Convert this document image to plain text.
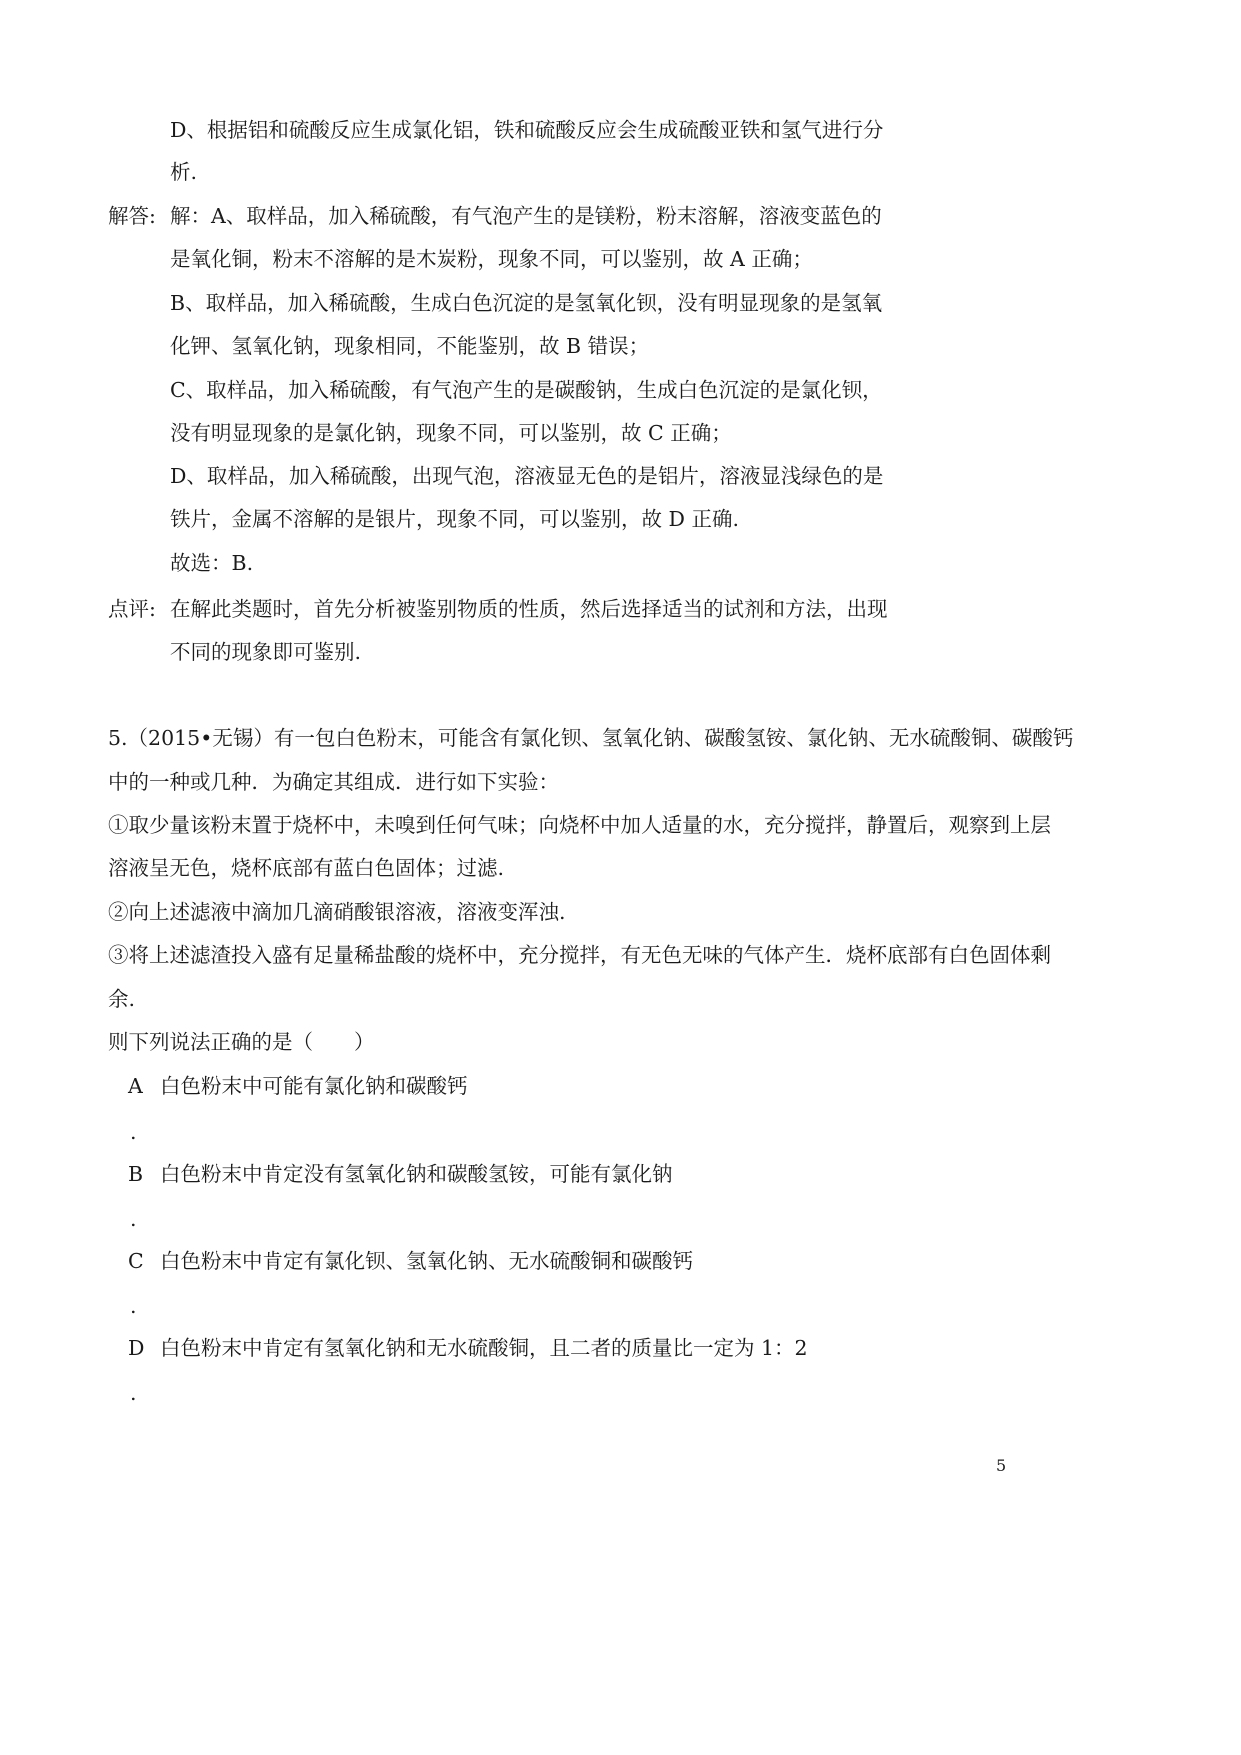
D、根据铝和硫酸反应生成氯化铝，铁和硫酸反应会生成硫酸亚铁和氢气进行分
析.
解答: 解：A、取样品，加入稀硫酸，有气泡产生的是镁粉，粉末溶解，溶液变蓝色的
是氧化铜，粉末不溶解的是木炭粉，现象不同，可以鉴别，故 A 正确；
B、取样品，加入稀硫酸，生成白色沉淀的是氢氧化钡，没有明显现象的是氢氧
化钾、氢氧化钠，现象相同，不能鉴别，故 B 错误；
C、取样品，加入稀硫酸，有气泡产生的是碳酸钠，生成白色沉淀的是氯化钡，
没有明显现象的是氯化钠，现象不同，可以鉴别，故 C 正确；
D、取样品，加入稀硫酸，出现气泡，溶液显无色的是铝片，溶液显浅绿色的是
铁片，金属不溶解的是银片，现象不同，可以鉴别，故 D 正确.
故选：B.
点评: 在解此类题时，首先分析被鉴别物质的性质，然后选择适当的试剂和方法，出现
不同的现象即可鉴别.
5.（2015•无锡）有一包白色粉末，可能含有氯化钡、氢氧化钠、碳酸氢铵、氯化钠、无水硫酸铜、碳酸钙
中的一种或几种．为确定其组成．进行如下实验：
①取少量该粉末置于烧杯中，未嗅到任何气味；向烧杯中加人适量的水，充分搅拌，静置后，观察到上层
溶液呈无色，烧杯底部有蓝白色固体；过滤.
②向上述滤液中滴加几滴硝酸银溶液，溶液变浑浊.
③将上述滤渣投入盛有足量稀盐酸的烧杯中，充分搅拌，有无色无味的气体产生．烧杯底部有白色固体剩
余.
则下列说法正确的是（　　）
A 白色粉末中可能有氯化钠和碳酸钙
.
B 白色粉末中肯定没有氢氧化钠和碳酸氢铵，可能有氯化钠
.
C 白色粉末中肯定有氯化钡、氢氧化钠、无水硫酸铜和碳酸钙
.
D 白色粉末中肯定有氢氧化钠和无水硫酸铜，且二者的质量比一定为 1：2
.
5
